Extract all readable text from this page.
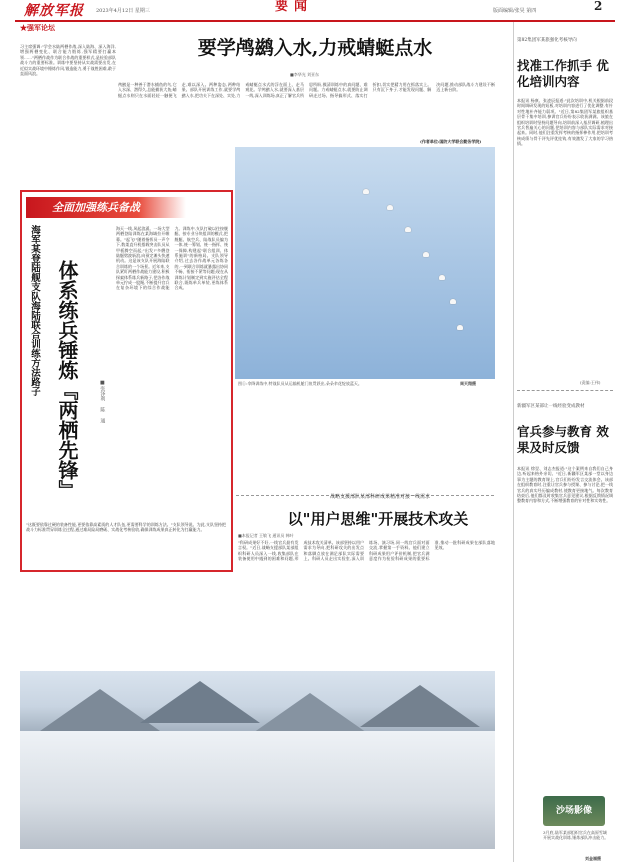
解放军报 2023年4月12日 星期三	要闻	版面编辑/张昊 第四	2
★强军论坛
习主席强调:"学会水陆两栖作战,深入陆海、深入海洋,增强两栖变化、联合能力锻炼,强军精要打赢本领……"两栖作战作为联合作战的重要样式,是检验部队战斗力的重要标准。训练中要坚持从实战需要出发,在近似实战环境中锤炼作风,锻造能力,勇于战胜困难,敢于直面风浪。
要学鸬鹚入水,力戒蜻蜓点水
■李华光 刘亚东
鸬鹚是一种善于潜水捕鱼的鸟,它入水深、潜得久,总能捕获大鱼;蜻蜓点水则只在水面轻轻一触便飞走,难以深入。两种姿态,两种结果。部队开展训练工作,就要学鸬鹚入水,把功夫下在深处、实处,力戒蜻蜓点水式的浮在面上、走马观花。学鸬鹚入水,就要深入基层一线,深入训练场,真正了解官兵所思所盼,摸清训练中的真问题、难问题。力戒蜻蜓点水,就要防止调研走过场、指导搞形式、落实打折扣,切实把精力用在抓落实上。只有沉下身子,才能发现问题、解决问题,推动部队战斗力建设不断迈上新台阶。
(作者单位:国防大学联合勤务学院)
全面加强练兵备战
体系练兵锤炼『两栖先锋』
海军某登陆舰支队海陆联合训练方法路子
■张泽利 陈 通
海天一线,风起浪涌。一场大型两栖登陆训练在某海域拉开帷幕。"起飞!"随着指挥员一声令下,数架直升机搭载突击队员从甲板腾空而起;"出发!"多艘登陆艇劈波斩浪,向预定滩头快速机动。这是该支队开展海陆联合训练的一个场景。近年来,支队紧盯两栖作战能力建设,积极探索体系练兵新路子,把各作战单元拧成一股绳,不断提升官兵在复杂环境下的综合作战能力。训练中,支队打破以往按舰艇、按专业分块组训的模式,把舰艇、航空兵、陆战队员编为一体,统一筹划、统一指挥、统一保障,构建起"联合组训、体系施训"的新格局。支队领导介绍,过去各作战单元各练各的,一到联合训练就暴露出协同不畅、衔接不紧等问题;现在从训练计划制定到实施评估全程联合,既练单兵单装,更练体系合成。
"这既要依靠过硬的装备性能,更要依靠高素质的人才队伍,更需要科学的训练方法。"支队领导说。为此,支队坚持把战斗力标准贯穿训练全过程,通过难局险局磨砺、实战化考核验收,确保训练成果真正转化为打赢能力。
图①:伞降训练中,特战队员从运输机舱门鱼贯跃出,朵朵伞花绽放蓝天。	周天翔摄
战略支援部队某部科研成果精准对接一线需求
以"用户思维"开展技术攻关
■本报记者 王敏飞 通讯员 韩叶
"科研成果好不好,一线官兵最有发言权。"近日,战略支援部队某部组织科研人员深入一线,收集部队在装备使用中遇到的困难和问题,形成技术攻关清单。该部坚持以用户需求为导向,把科研攻关的出发点和落脚点放在满足部队实际需要上。科研人员走出实验室,深入训练场、演习场,同一线官兵面对面交流,掌握第一手资料。他们建立科研成果用户评价机制,把官兵满意度作为检验科研成果的重要标准,推动一批科研成果在部队落地见效。
第82集团军某旅强化考核导向
找准工作抓手 优化培训内容
本报讯 杨康、张凌辰报道:"此次培训中,机关根据前段时间调研发现的短板,对培训内容进行了优化调整,有针对性地补齐能力弱项。"近日,第82集团军某旅组织基层骨干集中培训,参训官兵纷纷表示收获满满。该旅在组织培训时坚持问题导向,培训前深入基层调研,梳理出官兵普遍关心的问题,把培训内容与部队实际需求对接起来。同时,他们注重发挥考核的指挥棒作用,把培训考核成绩与骨干评先评优挂钩,有效激发了大家的学习热情。
(责编:王伟)
新疆军区某部让一线经验变成教材
官兵参与教育 效果及时反馈
本报讯 徐翌、刘志杰报道:"这个案例来自我们自己身边,听起来格外亲切。"近日,新疆军区某部一堂以身边事为主题的教育课上,官兵们纷纷发言交流体会。该部在组织教育时,注重让官兵参与授课、参与讨论,把一线官兵的真实经历编成教材,使教育更接地气。每次教育结束后,他们都及时收集官兵意见建议,根据反馈情况调整教育内容和方式,不断增强教育的针对性和实效性。
沙场影像
3月底,陆军某部组织官兵在高原雪域开展实战化训练,锤炼部队冲击能力。
刘金福摄
